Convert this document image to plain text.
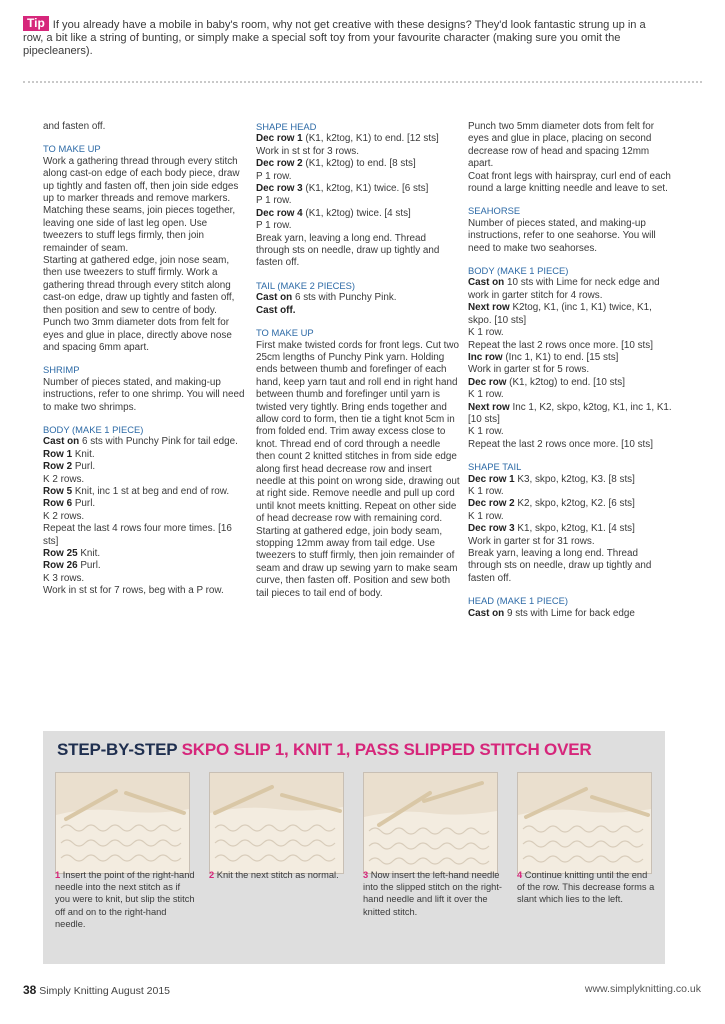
Tip If you already have a mobile in baby's room, why not get creative with these designs? They'd look fantastic strung up in a row, a bit like a string of bunting, or simply make a special soft toy from your favourite character (making sure you omit the pipecleaners).

and fasten off.

TO MAKE UP

Work a gathering thread through every stitch along cast-on edge of each body piece, draw up tightly and fasten off, then join side edges up to marker threads and remove markers. Matching these seams, join pieces together, leaving one side of last leg open. Use tweezers to stuff legs firmly, then join remainder of seam.

Starting at gathered edge, join nose seam, then use tweezers to stuff firmly. Work a gathering thread through every stitch along cast-on edge, draw up tightly and fasten off, then position and sew to centre of body.

Punch two 3mm diameter dots from felt for eyes and glue in place, directly above nose and spacing 6mm apart.

SHRIMP

Number of pieces stated, and making-up instructions, refer to one shrimp. You will need to make two shrimps.

BODY (MAKE 1 PIECE)

Cast on 6 sts with Punchy Pink for tail edge.

Row 1 Knit.

Row 2 Purl.

K 2 rows.

Row 5 Knit, inc 1 st at beg and end of row.

Row 6 Purl.

K 2 rows.

Repeat the last 4 rows four more times. [16 sts]

Row 25 Knit.

Row 26 Purl.

K 3 rows.

Work in st st for 7 rows, beg with a P row.

SHAPE HEAD

Dec row 1 (K1, k2tog, K1) to end. [12 sts]

Work in st st for 3 rows.

Dec row 2 (K1, k2tog) to end. [8 sts]

P 1 row.

Dec row 3 (K1, k2tog, K1) twice. [6 sts]

P 1 row.

Dec row 4 (K1, k2tog) twice. [4 sts]

P 1 row.

Break yarn, leaving a long end. Thread through sts on needle, draw up tightly and fasten off.

TAIL (MAKE 2 PIECES)

Cast on 6 sts with Punchy Pink.

Cast off.

TO MAKE UP

First make twisted cords for front legs. Cut two 25cm lengths of Punchy Pink yarn. Holding ends between thumb and forefinger of each hand, keep yarn taut and roll end in right hand between thumb and forefinger until yarn is twisted very tightly. Bring ends together and allow cord to form, then tie a tight knot 5cm in from folded end. Trim away excess close to knot. Thread end of cord through a needle then count 2 knitted stitches in from side edge along first head decrease row and insert needle at this point on wrong side, drawing out at right side. Remove needle and pull up cord until knot meets knitting. Repeat on other side of head decrease row with remaining cord.

Starting at gathered edge, join body seam, stopping 12mm away from tail edge. Use tweezers to stuff firmly, then join remainder of seam and draw up sewing yarn to make seam curve, then fasten off. Position and sew both tail pieces to tail end of body.

Punch two 5mm diameter dots from felt for eyes and glue in place, placing on second decrease row of head and spacing 12mm apart.

Coat front legs with hairspray, curl end of each round a large knitting needle and leave to set.

SEAHORSE

Number of pieces stated, and making-up instructions, refer to one seahorse. You will need to make two seahorses.

BODY (MAKE 1 PIECE)

Cast on 10 sts with Lime for neck edge and work in garter stitch for 4 rows.

Next row K2tog, K1, (inc 1, K1) twice, K1, skpo. [10 sts]

K 1 row.

Repeat the last 2 rows once more. [10 sts]

Inc row (Inc 1, K1) to end. [15 sts]

Work in garter st for 5 rows.

Dec row (K1, k2tog) to end. [10 sts]

K 1 row.

Next row Inc 1, K2, skpo, k2tog, K1, inc 1, K1. [10 sts]

K 1 row.

Repeat the last 2 rows once more. [10 sts]

SHAPE TAIL

Dec row 1 K3, skpo, k2tog, K3. [8 sts]

K 1 row.

Dec row 2 K2, skpo, k2tog, K2. [6 sts]

K 1 row.

Dec row 3 K1, skpo, k2tog, K1. [4 sts]

Work in garter st for 31 rows.

Break yarn, leaving a long end. Thread through sts on needle, draw up tightly and fasten off.

HEAD (MAKE 1 PIECE)

Cast on 9 sts with Lime for back edge

STEP-BY-STEP SKPO SLIP 1, KNIT 1, PASS SLIPPED STITCH OVER
1 Insert the point of the right-hand needle into the next stitch as if you were to knit, but slip the stitch off and on to the right-hand needle.
2 Knit the next stitch as normal.	3 Now insert the left-hand needle into the slipped stitch on the right-hand needle and lift it over the knitted stitch.
4 Continue knitting until the end of the row. This decrease forms a slant which lies to the left.
38 Simply Knitting August 2015	www.simplyknitting.co.uk
